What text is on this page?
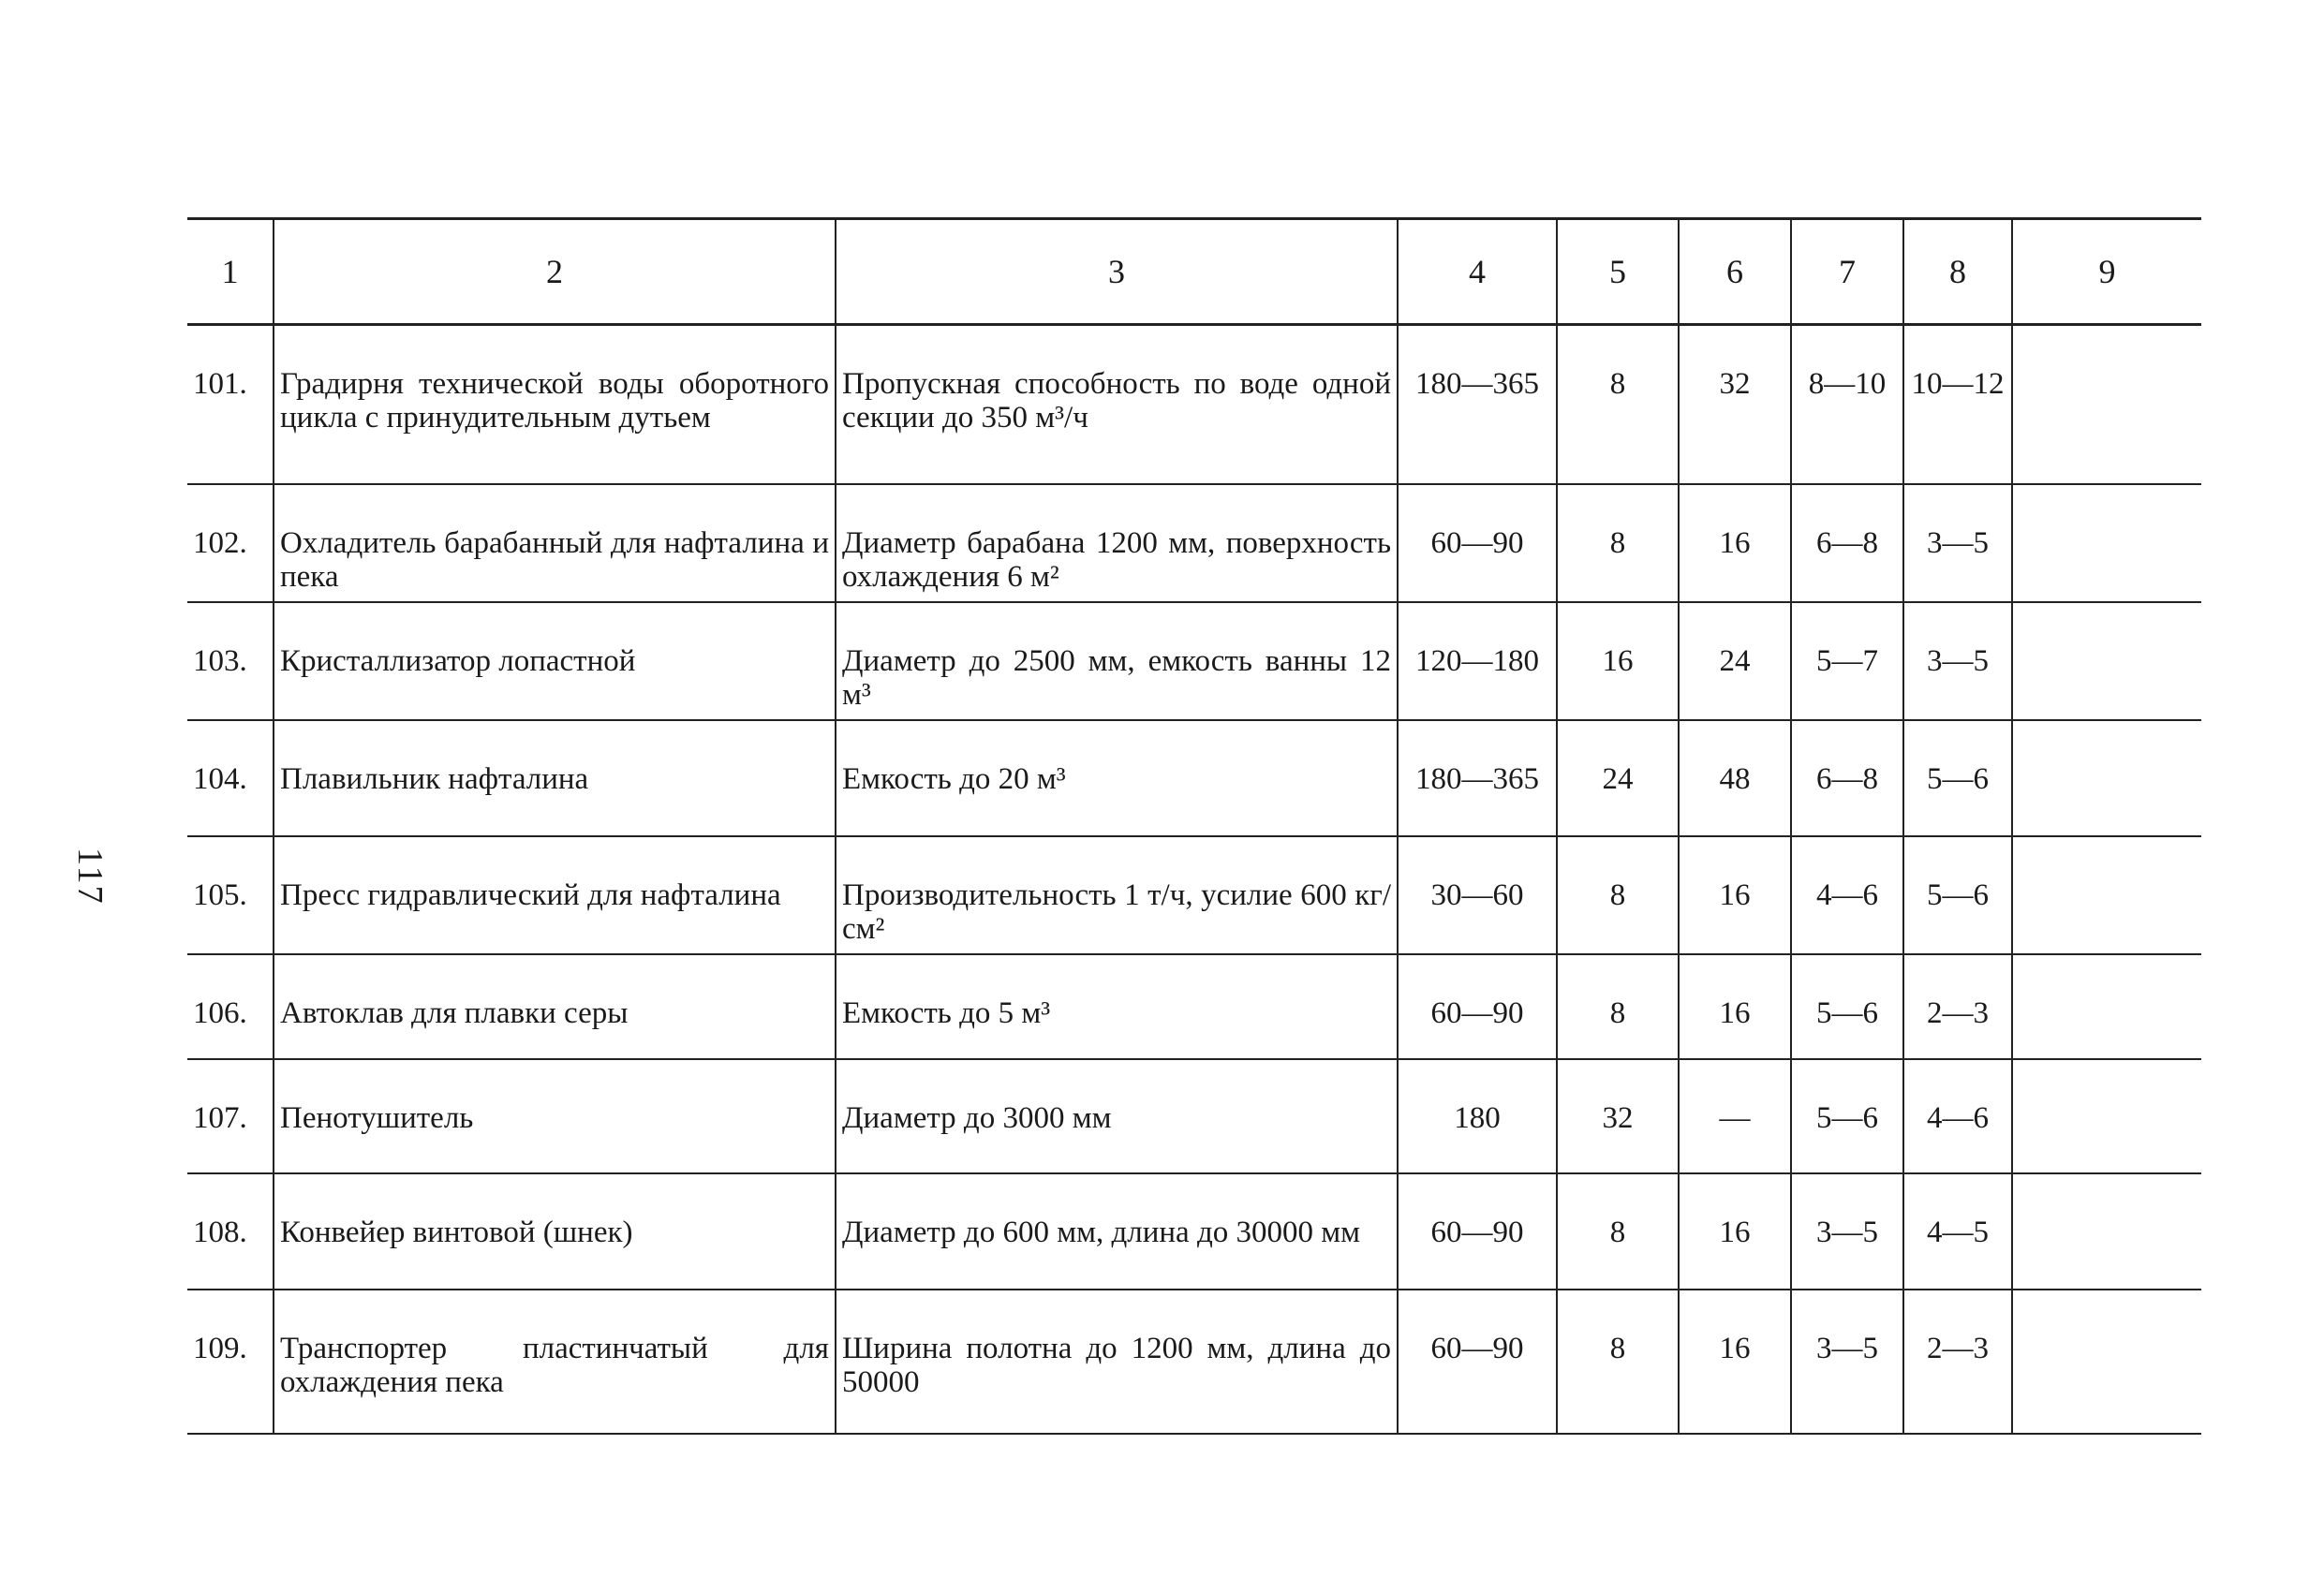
117
1	2	3	4	5	6	7	8	9
101.	Градирня технической воды оборотного цикла с принудительным дутьем	Пропускная способность по воде одной секции до 350 м³/ч	180—365	8	32	8—10	10—12	
102.	Охладитель барабанный для нафталина и пека	Диаметр барабана 1200 мм, поверхность охлаждения 6 м²	60—90	8	16	6—8	3—5	
103.	Кристаллизатор лопастной	Диаметр до 2500 мм, емкость ванны 12 м³	120—180	16	24	5—7	3—5	
104.	Плавильник нафталина	Емкость до 20 м³	180—365	24	48	6—8	5—6	
105.	Пресс гидравлический для нафталина	Производительность 1 т/ч, усилие 600 кг/см²	30—60	8	16	4—6	5—6	
106.	Автоклав для плавки серы	Емкость до 5 м³	60—90	8	16	5—6	2—3	
107.	Пенотушитель	Диаметр до 3000 мм	180	32	—	5—6	4—6	
108.	Конвейер винтовой (шнек)	Диаметр до 600 мм, длина до 30000 мм	60—90	8	16	3—5	4—5	
109.	Транспортер пластинчатый для охлаждения пека	Ширина полотна до 1200 мм, длина до 50000	60—90	8	16	3—5	2—3	
